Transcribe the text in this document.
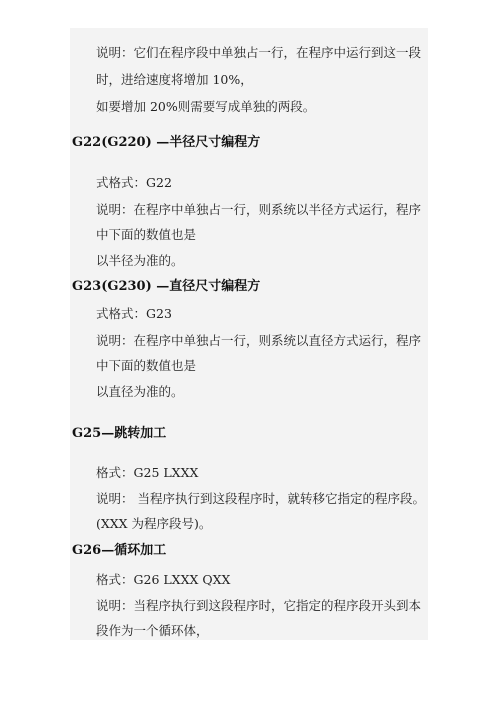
说明：它们在程序段中单独占一行，在程序中运行到这一段
时，进给速度将增加 10%，
如要增加 20%则需要写成单独的两段。
G22(G220) —半径尺寸编程方
式格式：G22
说明：在程序中单独占一行，则系统以半径方式运行，程序
中下面的数值也是
以半径为准的。
G23(G230) —直径尺寸编程方
式格式：G23
说明：在程序中单独占一行，则系统以直径方式运行，程序
中下面的数值也是
以直径为准的。
G25—跳转加工
格式：G25 LXXX
说明： 当程序执行到这段程序时，就转移它指定的程序段。
(XXX 为程序段号)。
G26—循环加工
格式：G26 LXXX QXX
说明：当程序执行到这段程序时，它指定的程序段开头到本
段作为一个循环体，
